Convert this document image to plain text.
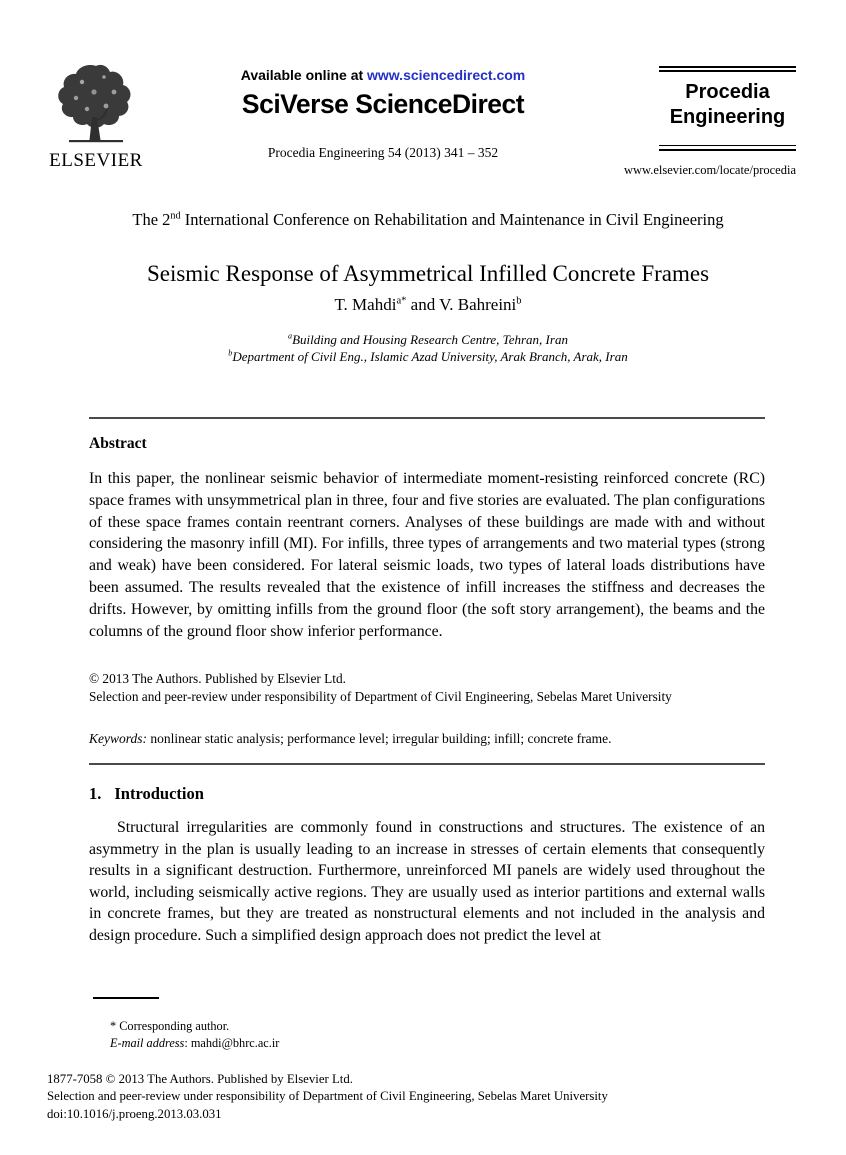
ELSEVIER
Available online at www.sciencedirect.com
SciVerse ScienceDirect
Procedia Engineering 54 (2013) 341 – 352
Procedia
Engineering
www.elsevier.com/locate/procedia
The 2nd International Conference on Rehabilitation and Maintenance in Civil Engineering
Seismic Response of Asymmetrical Infilled Concrete Frames
T. Mahdi$^{a*}$ and V. Bahreini$^b$
$^a$Building and Housing Research Centre, Tehran, Iran
$^b$Department of Civil Eng., Islamic Azad University, Arak Branch, Arak, Iran
Abstract

In this paper, the nonlinear seismic behavior of intermediate moment-resisting reinforced concrete (RC) space frames with unsymmetrical plan in three, four and five stories are evaluated. The plan configurations of these space frames contain reentrant corners. Analyses of these buildings are made with and without considering the masonry infill (MI). For infills, three types of arrangements and two material types (strong and weak) have been considered. For lateral seismic loads, two types of lateral loads distributions have been assumed. The results revealed that the existence of infill increases the stiffness and decreases the drifts. However, by omitting infills from the ground floor (the soft story arrangement), the beams and the columns of the ground floor show inferior performance.

© 2013 The Authors. Published by Elsevier Ltd.
Selection and peer-review under responsibility of Department of Civil Engineering, Sebelas Maret University
Keywords: nonlinear static analysis; performance level; irregular building; infill; concrete frame.
1. Introduction

Structural irregularities are commonly found in constructions and structures. The existence of an asymmetry in the plan is usually leading to an increase in stresses of certain elements that consequently results in a significant destruction. Furthermore, unreinforced MI panels are widely used throughout the world, including seismically active regions. They are usually used as interior partitions and external walls in concrete frames, but they are treated as nonstructural elements and not included in the analysis and design procedure. Such a simplified design approach does not predict the level at

* Corresponding author.
E-mail address: mahdi@bhrc.ac.ir
1877-7058 © 2013 The Authors. Published by Elsevier Ltd.
Selection and peer-review under responsibility of Department of Civil Engineering, Sebelas Maret University
doi:10.1016/j.proeng.2013.03.031
